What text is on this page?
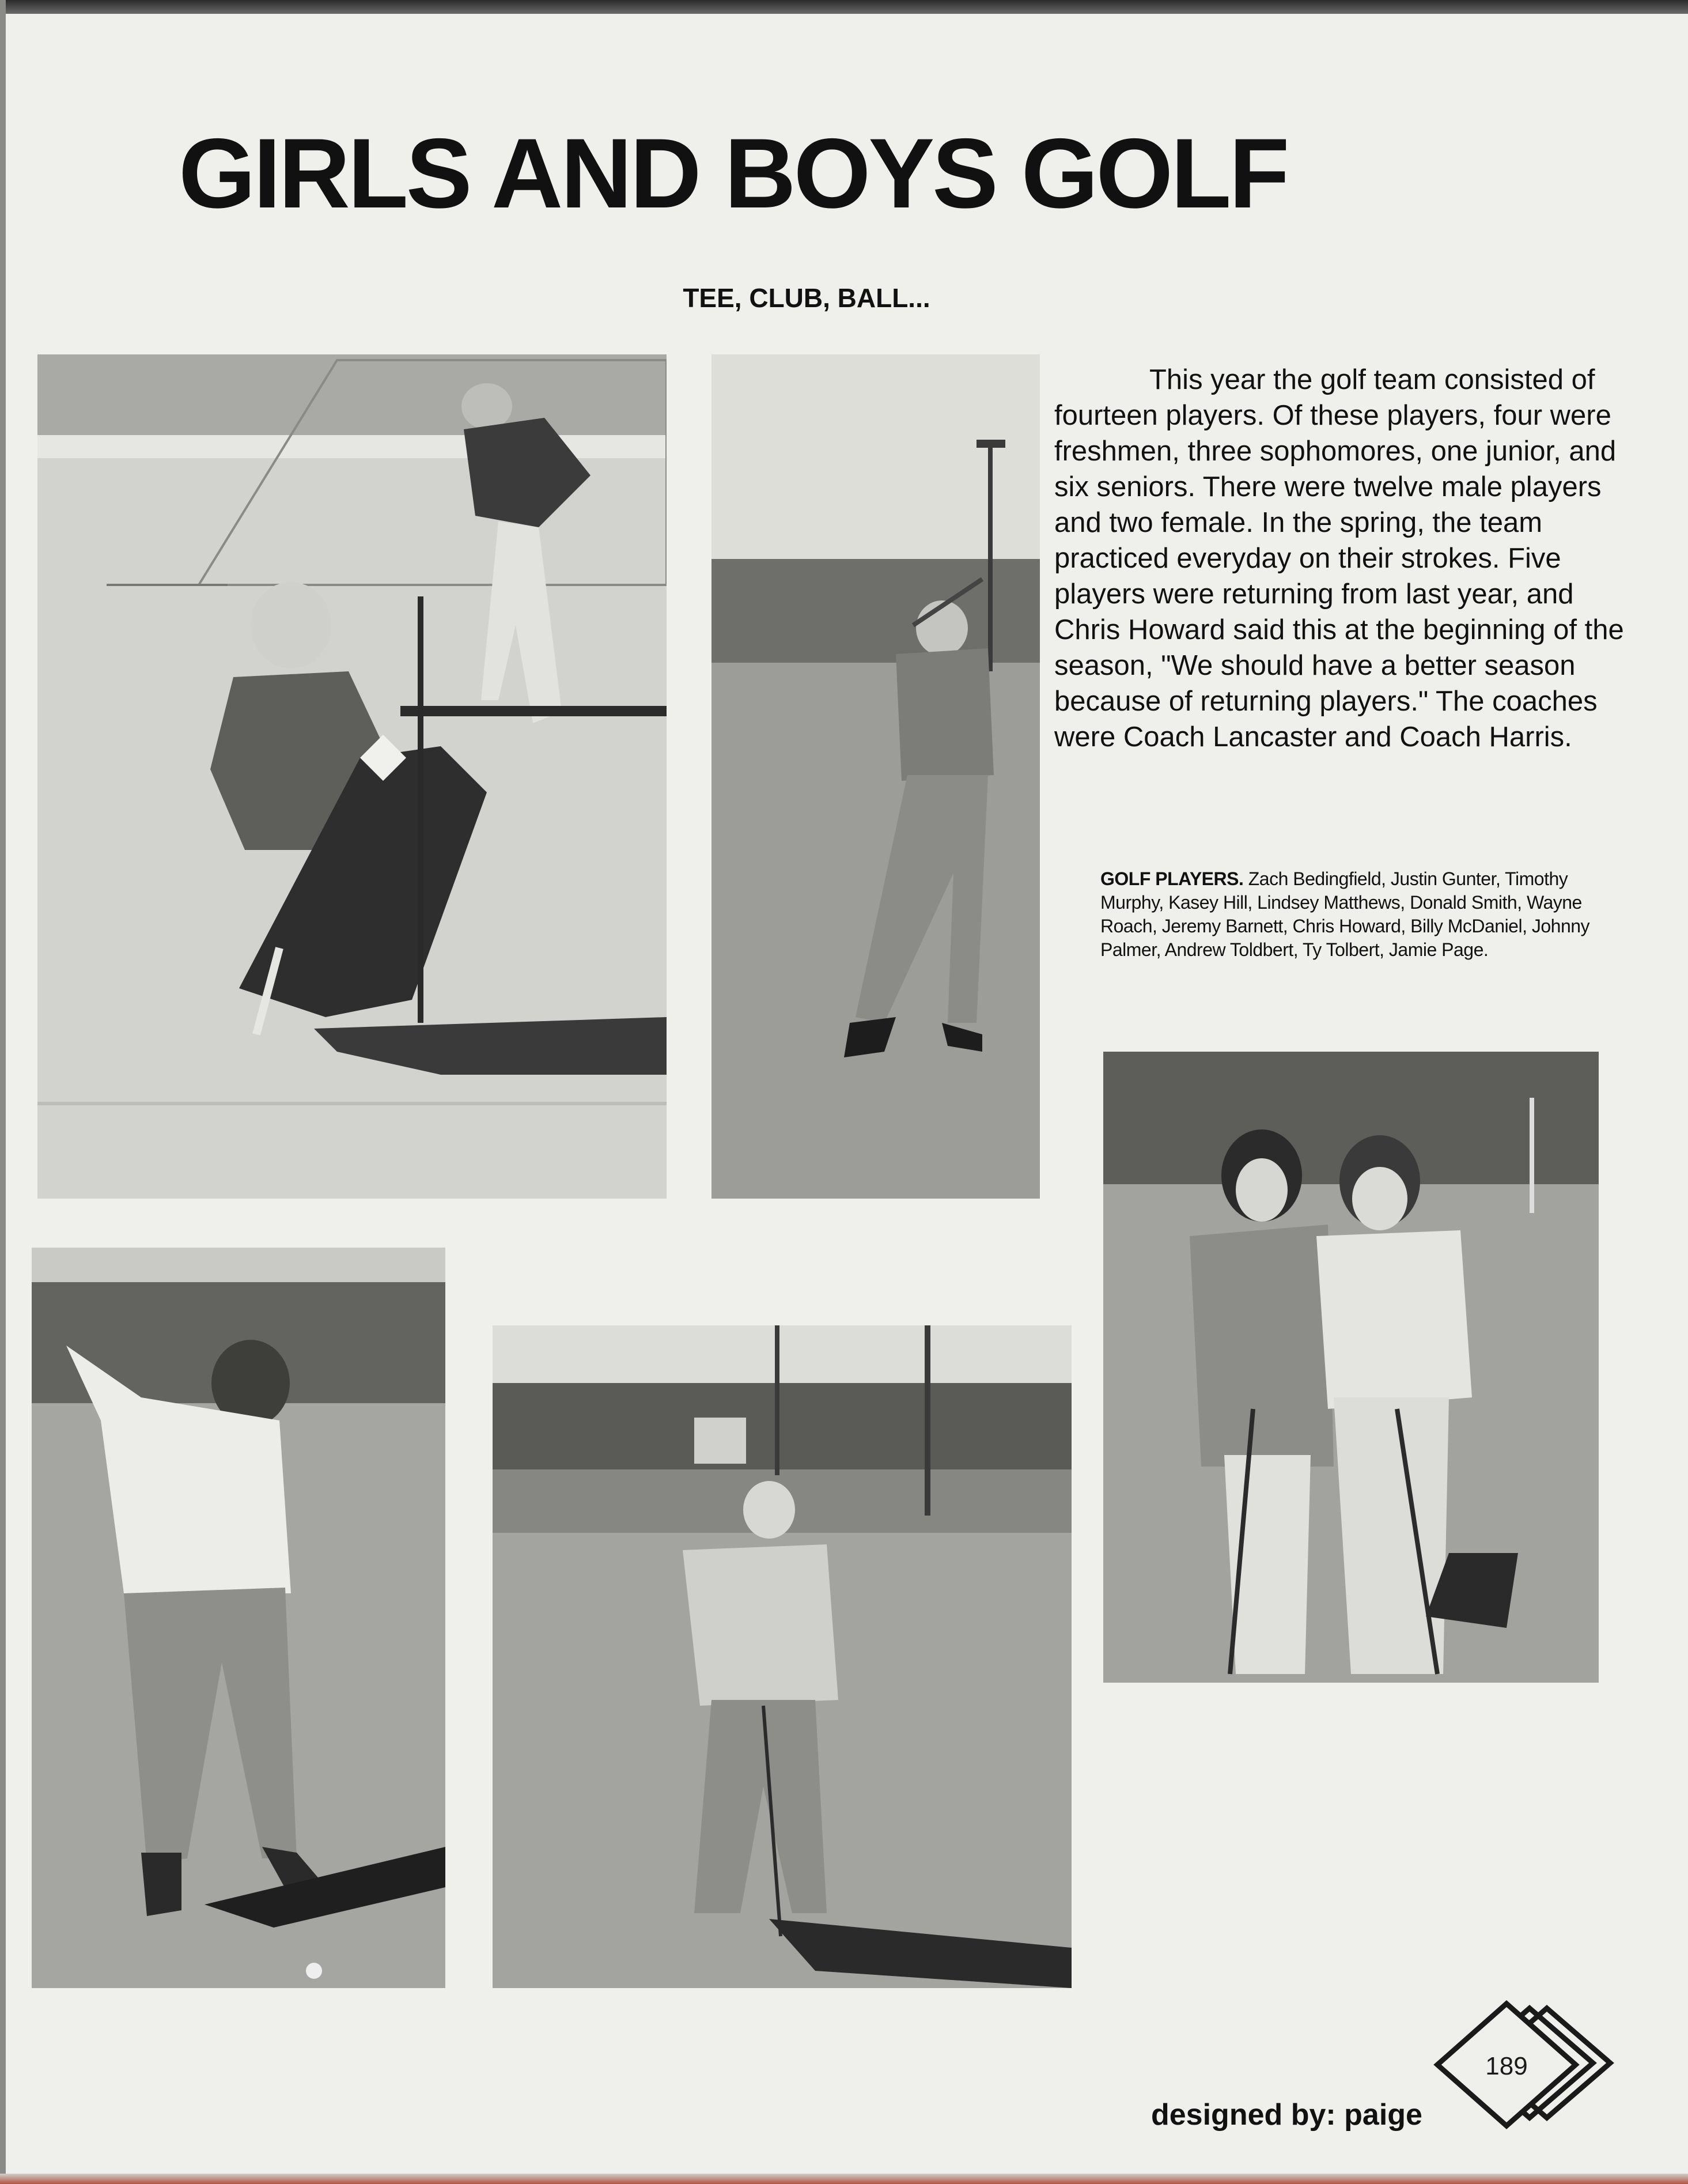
GIRLS AND BOYS GOLF
TEE, CLUB, BALL...
This year the golf team consisted of fourteen players. Of these players, four were freshmen, three sophomores, one junior, and six seniors. There were twelve male players and two female. In the spring, the team practiced everyday on their strokes. Five players were returning from last year, and Chris Howard said this at the beginning of the season, "We should have a better season because of returning players." The coaches were Coach Lancaster and Coach Harris.
GOLF PLAYERS. Zach Bedingfield, Justin Gunter, Timothy Murphy, Kasey Hill, Lindsey Matthews, Donald Smith, Wayne Roach, Jeremy Barnett, Chris Howard, Billy McDaniel, Johnny Palmer, Andrew Toldbert, Ty Tolbert, Jamie Page.
designed by: paige
189
